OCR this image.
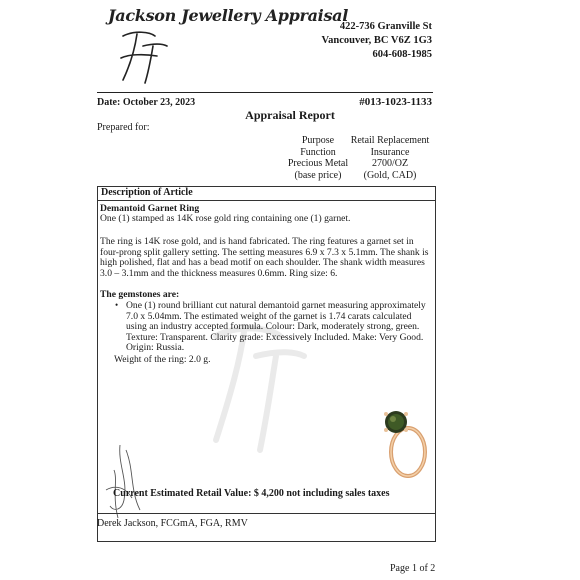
Jackson Jewellery Appraisal
422-736 Granville St
Vancouver, BC V6Z 1G3
604-608-1985
Date: October 23, 2023	#013-1023-1133
Appraisal Report
Prepared for:
Purpose
Function
Precious Metal
(base price)
Retail Replacement
Insurance
2700/OZ
(Gold, CAD)
Description of Article
Demantoid Garnet Ring
One (1) stamped as 14K rose gold ring containing one (1) garnet.
The ring is 14K rose gold, and is hand fabricated. The ring features a garnet set in four-prong split gallery setting. The setting measures 6.9 x 7.3 x 5.1mm. The shank is high polished, flat and has a bead motif on each shoulder. The shank width measures 3.0 – 3.1mm and the thickness measures 0.6mm. Ring size: 6.
The gemstones are:
• One (1) round brilliant cut natural demantoid garnet measuring approximately 7.0 x 5.04mm. The estimated weight of the garnet is 1.74 carats calculated using an industry accepted formula. Colour: Dark, moderately strong, green. Texture: Transparent. Clarity grade: Excessively Included. Make: Very Good. Origin: Russia.
Weight of the ring: 2.0 g.
Current Estimated Retail Value: $ 4,200 not including sales taxes
Derek Jackson, FCGmA, FGA, RMV
Page 1 of 2
